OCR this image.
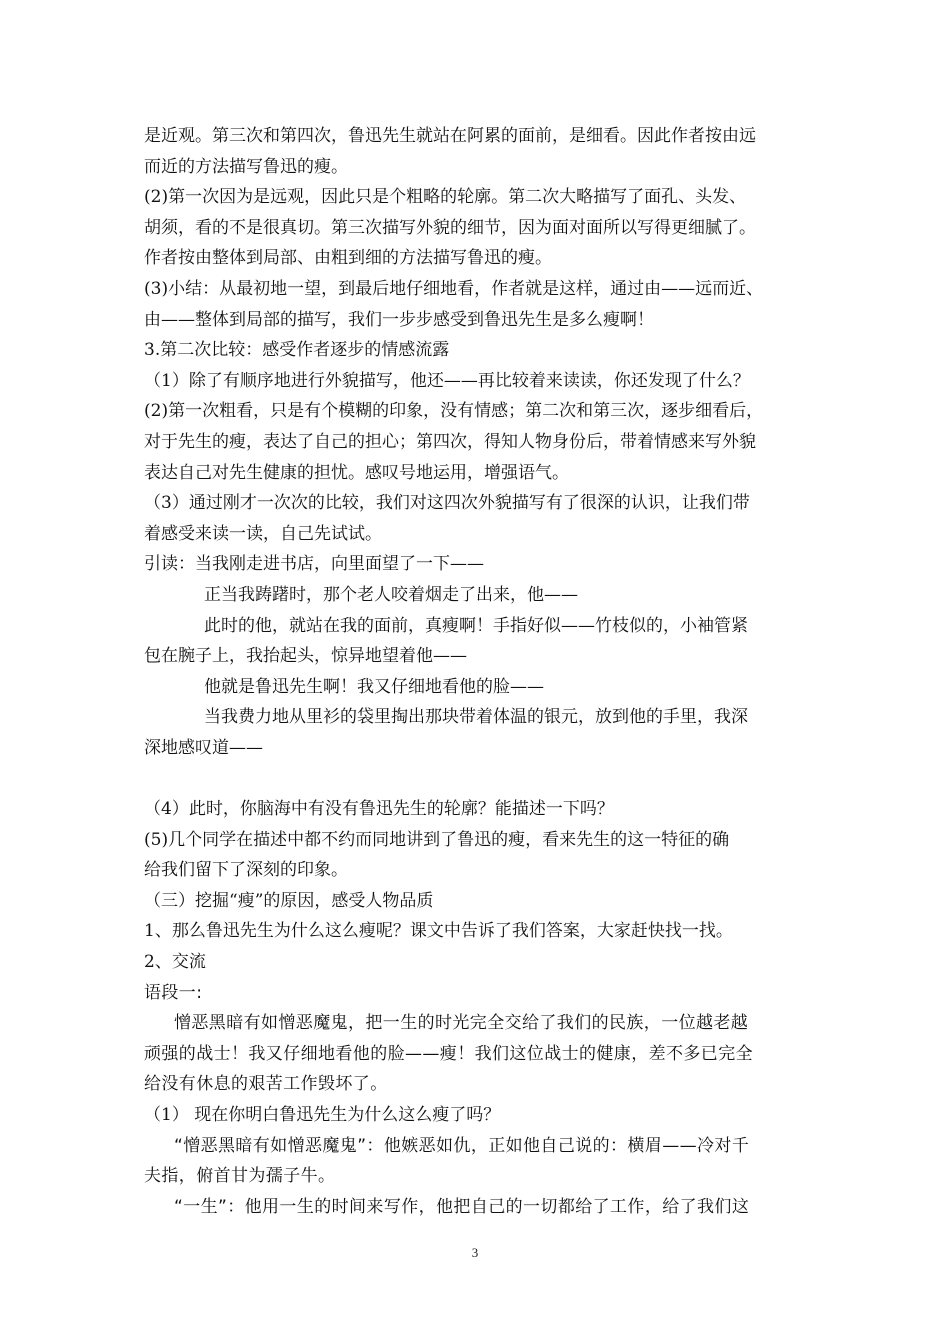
是近观。第三次和第四次，鲁迅先生就站在阿累的面前，是细看。因此作者按由远
而近的方法描写鲁迅的瘦。
(2)第一次因为是远观，因此只是个粗略的轮廓。第二次大略描写了面孔、头发、
胡须，看的不是很真切。第三次描写外貌的细节，因为面对面所以写得更细腻了。
作者按由整体到局部、由粗到细的方法描写鲁迅的瘦。
(3)小结：从最初地一望，到最后地仔细地看，作者就是这样，通过由——远而近、
由——整体到局部的描写，我们一步步感受到鲁迅先生是多么瘦啊！
3.第二次比较：感受作者逐步的情感流露
（1）除了有顺序地进行外貌描写，他还——再比较着来读读，你还发现了什么？
(2)第一次粗看，只是有个模糊的印象，没有情感；第二次和第三次，逐步细看后，
对于先生的瘦，表达了自己的担心；第四次，得知人物身份后，带着情感来写外貌
表达自己对先生健康的担忧。感叹号地运用，增强语气。
（3）通过刚才一次次的比较，我们对这四次外貌描写有了很深的认识，让我们带
着感受来读一读，自己先试试。
引读：当我刚走进书店，向里面望了一下——
正当我踌躇时，那个老人咬着烟走了出来，他——
此时的他，就站在我的面前，真瘦啊！手指好似——竹枝似的，小袖管紧
包在腕子上，我抬起头，惊异地望着他——
他就是鲁迅先生啊！我又仔细地看他的脸——
当我费力地从里衫的袋里掏出那块带着体温的银元，放到他的手里，我深
深地感叹道——
（4）此时，你脑海中有没有鲁迅先生的轮廓？能描述一下吗？
(5)几个同学在描述中都不约而同地讲到了鲁迅的瘦，看来先生的这一特征的确
给我们留下了深刻的印象。
（三）挖掘“瘦”的原因，感受人物品质
1、那么鲁迅先生为什么这么瘦呢？课文中告诉了我们答案，大家赶快找一找。
2、交流
语段一:
憎恶黑暗有如憎恶魔鬼，把一生的时光完全交给了我们的民族，一位越老越
顽强的战士！我又仔细地看他的脸——瘦！我们这位战士的健康，差不多已完全
给没有休息的艰苦工作毁坏了。
（1） 现在你明白鲁迅先生为什么这么瘦了吗？
“憎恶黑暗有如憎恶魔鬼”：他嫉恶如仇，正如他自己说的：横眉——冷对千
夫指，俯首甘为孺子牛。
“一生”：他用一生的时间来写作，他把自己的一切都给了工作，给了我们这
3
